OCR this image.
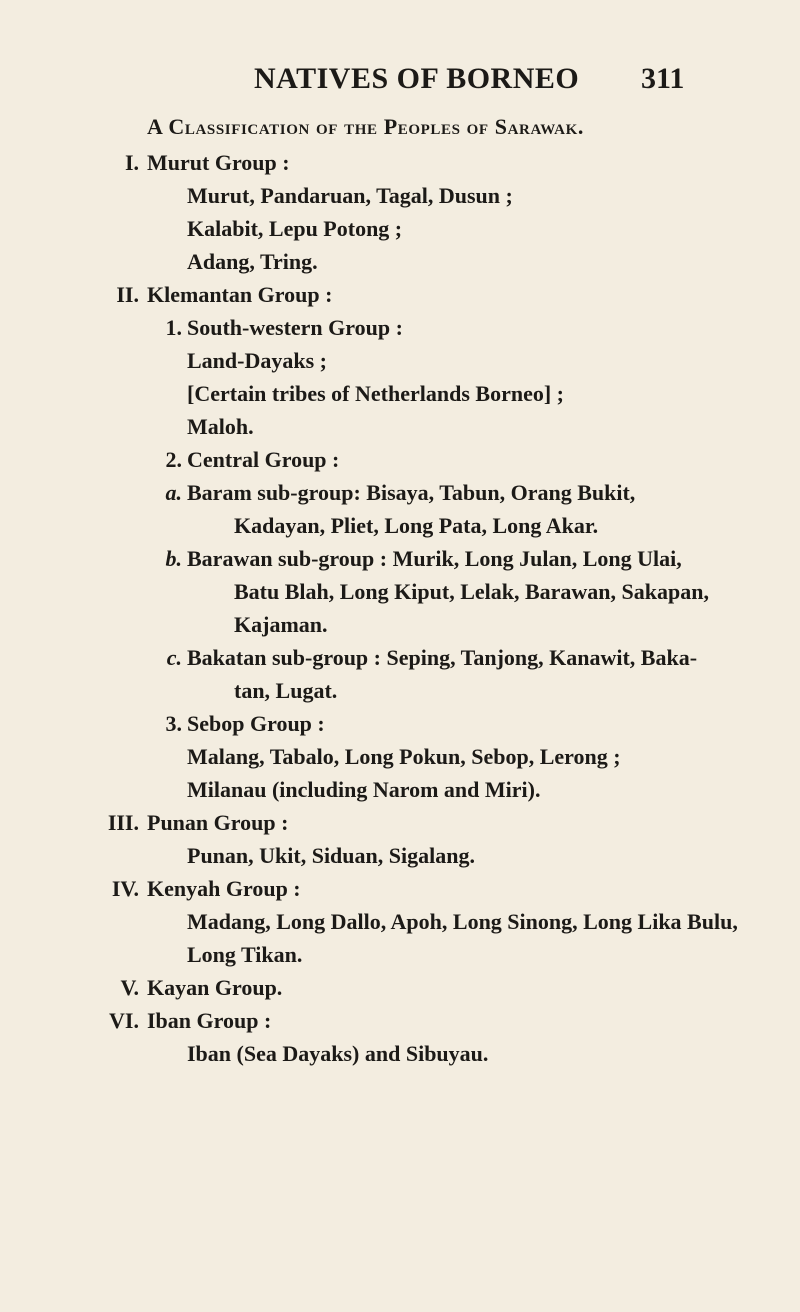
NATIVES OF BORNEO 311
A Classification of the Peoples of Sarawak.
I. Murut Group :
Murut, Pandaruan, Tagal, Dusun ;
Kalabit, Lepu Potong ;
Adang, Tring.
II. Klemantan Group :
1. South-western Group :
Land-Dayaks ;
[Certain tribes of Netherlands Borneo] ;
Maloh.
2. Central Group :
a. Baram sub-group: Bisaya, Tabun, Orang Bukit,
Kadayan, Pliet, Long Pata, Long Akar.
b. Barawan sub-group : Murik, Long Julan, Long Ulai,
Batu Blah, Long Kiput, Lelak, Barawan, Sakapan,
Kajaman.
c. Bakatan sub-group : Seping, Tanjong, Kanawit, Baka-
tan, Lugat.
3. Sebop Group :
Malang, Tabalo, Long Pokun, Sebop, Lerong ;
Milanau (including Narom and Miri).
III. Punan Group :
Punan, Ukit, Siduan, Sigalang.
IV. Kenyah Group :
Madang, Long Dallo, Apoh, Long Sinong, Long Lika Bulu,
Long Tikan.
V. Kayan Group.
VI. Iban Group :
Iban (Sea Dayaks) and Sibuyau.
